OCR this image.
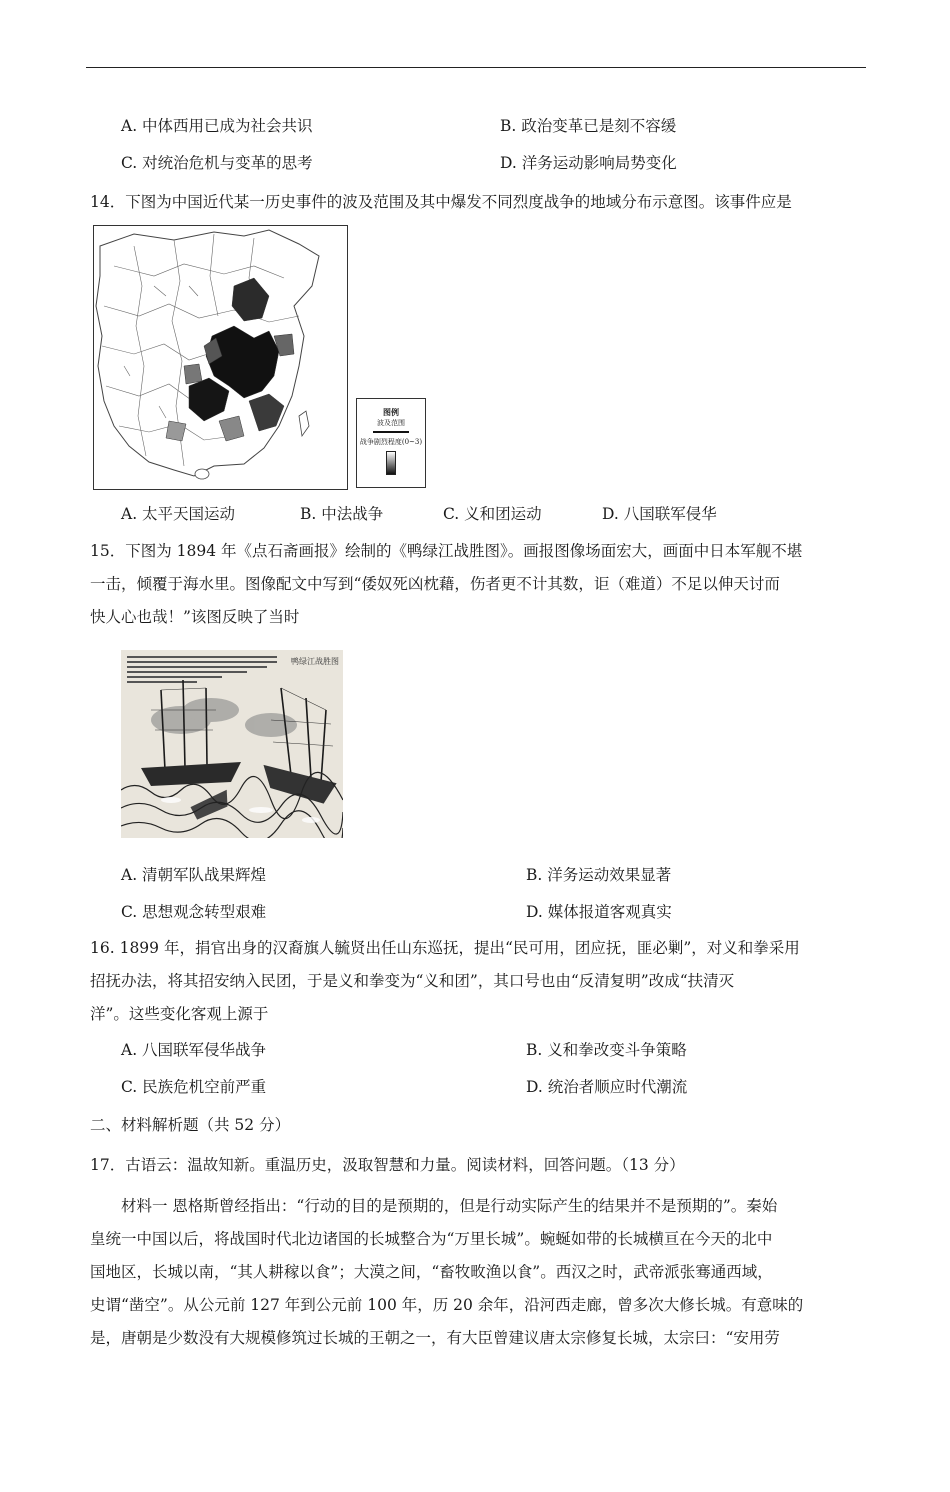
A. 中体西用已成为社会共识	B. 政治变革已是刻不容缓
C. 对统治危机与变革的思考	D. 洋务运动影响局势变化
14．下图为中国近代某一历史事件的波及范围及其中爆发不同烈度战争的地域分布示意图。该事件应是
图例
波及范围
战争剧烈程度(0~3)
A. 太平天国运动	B. 中法战争	C. 义和团运动	D. 八国联军侵华
15．下图为 1894 年《点石斋画报》绘制的《鸭绿江战胜图》。画报图像场面宏大，画面中日本军舰不堪
一击，倾覆于海水里。图像配文中写到“倭奴死凶枕藉，伤者更不计其数，讵（难道）不足以伸天讨而
快人心也哉！”该图反映了当时
鸭绿江战胜图
A. 清朝军队战果辉煌	B. 洋务运动效果显著
C. 思想观念转型艰难	D. 媒体报道客观真实
16. 1899 年，捐官出身的汉裔旗人毓贤出任山东巡抚，提出“民可用，团应抚，匪必剿”，对义和拳采用
招抚办法，将其招安纳入民团，于是义和拳变为“义和团”，其口号也由“反清复明”改成“扶清灭
洋”。这些变化客观上源于
A. 八国联军侵华战争	B. 义和拳改变斗争策略
C. 民族危机空前严重	D. 统治者顺应时代潮流
二、材料解析题（共 52 分）
17．古语云：温故知新。重温历史，汲取智慧和力量。阅读材料，回答问题。（13 分）
材料一 恩格斯曾经指出：“行动的目的是预期的，但是行动实际产生的结果并不是预期的”。秦始
皇统一中国以后，将战国时代北边诸国的长城整合为“万里长城”。蜿蜒如带的长城横亘在今天的北中
国地区，长城以南，“其人耕稼以食”；大漠之间，“畜牧畋渔以食”。西汉之时，武帝派张骞通西域，
史谓“凿空”。从公元前 127 年到公元前 100 年，历 20 余年，沿河西走廊，曾多次大修长城。有意味的
是，唐朝是少数没有大规模修筑过长城的王朝之一，有大臣曾建议唐太宗修复长城，太宗曰：“安用劳
